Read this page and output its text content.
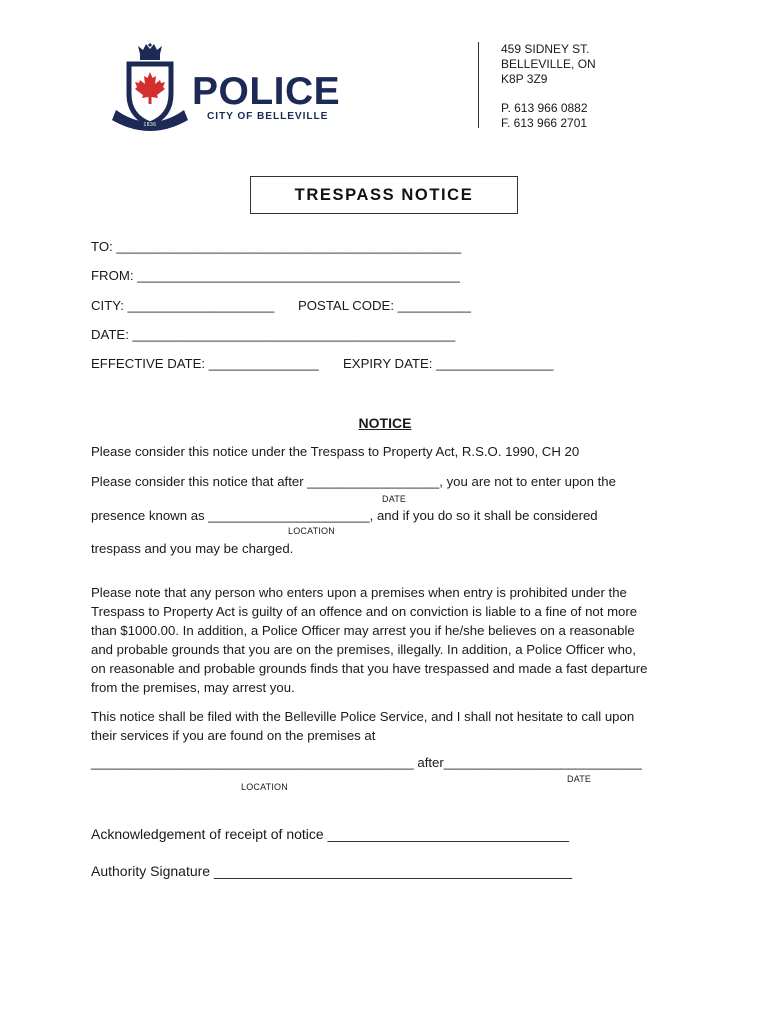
1836
POLICE
CITY OF BELLEVILLE
459 SIDNEY ST.
BELLEVILLE, ON
K8P 3Z9
P. 613 966 0882
F. 613 966 2701
TRESPASS NOTICE
TO: _______________________________________________
FROM: ____________________________________________
CITY: ____________________ POSTAL CODE: __________
DATE: ____________________________________________
EFFECTIVE DATE: _______________ EXPIRY DATE: ________________
NOTICE
Please consider this notice under the Trespass to Property Act, R.S.O. 1990, CH 20
Please consider this notice that after __________________, you are not to enter upon the
DATE
presence known as ______________________, and if you do so it shall be considered
LOCATION
trespass and you may be charged.
Please note that any person who enters upon a premises when entry is prohibited under the
Trespass to Property Act is guilty of an offence and on conviction is liable to a fine of not more
than $1000.00. In addition, a Police Officer may arrest you if he/she believes on a reasonable
and probable grounds that you are on the premises, illegally. In addition, a Police Officer who,
on reasonable and probable grounds finds that you have trespassed and made a fast departure
from the premises, may arrest you.
This notice shall be filed with the Belleville Police Service, and I shall not hesitate to call upon
their services if you are found on the premises at
____________________________________________ after___________________________
DATE
LOCATION
Acknowledgement of receipt of notice _______________________________
Authority Signature ______________________________________________
